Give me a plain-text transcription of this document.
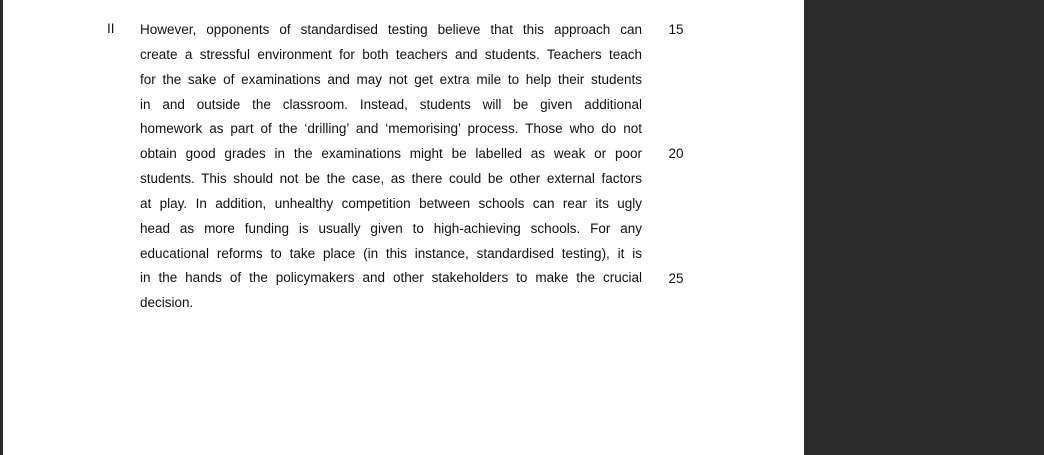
II However, opponents of standardised testing believe that this approach can
create a stressful environment for both teachers and students. Teachers teach
for the sake of examinations and may not get extra mile to help their students
in and outside the classroom. Instead, students will be given additional
homework as part of the ‘drilling’ and ‘memorising’ process. Those who do not
obtain good grades in the examinations might be labelled as weak or poor
students. This should not be the case, as there could be other external factors
at play. In addition, unhealthy competition between schools can rear its ugly
head as more funding is usually given to high-achieving schools. For any
educational reforms to take place (in this instance, standardised testing), it is
in the hands of the policymakers and other stakeholders to make the crucial
decision.
15
20
25
